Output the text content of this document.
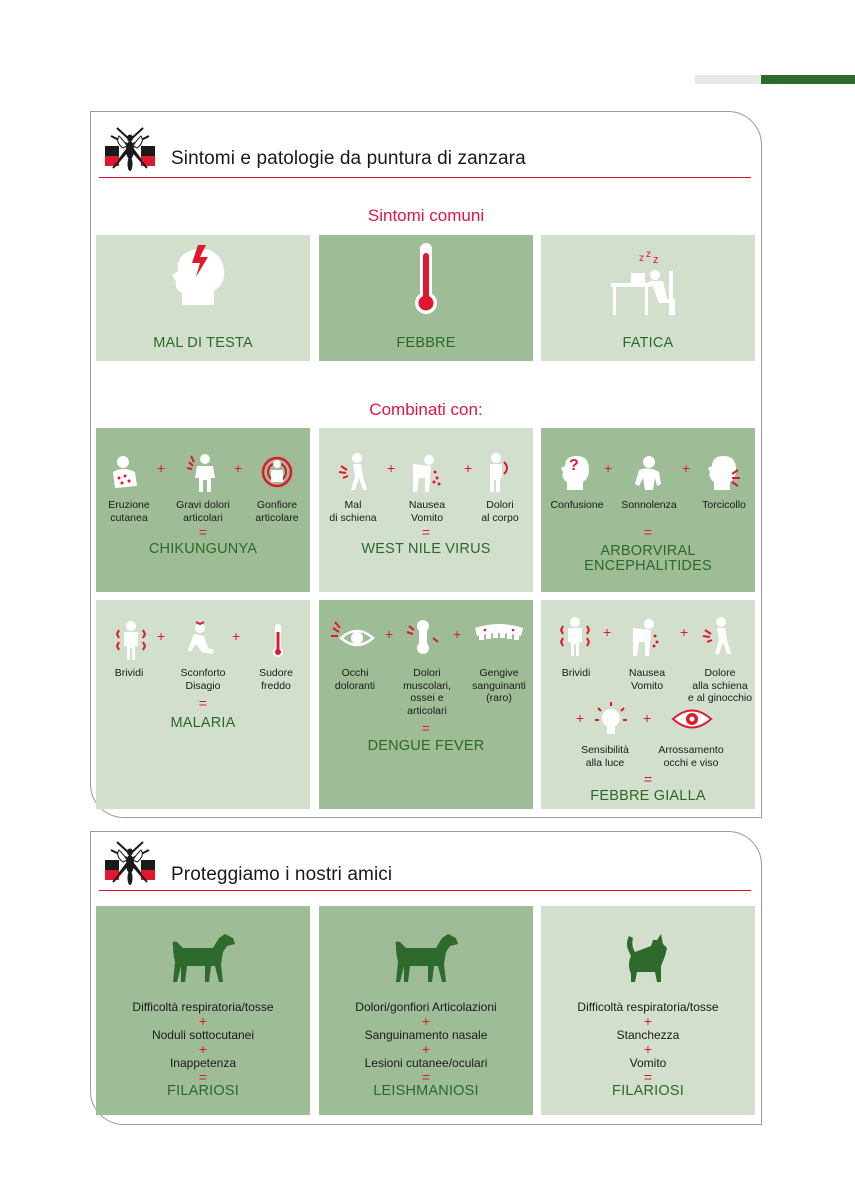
Sintomi e patologie da puntura di zanzara
Sintomi comuni
MAL DI TESTA	FEBBRE
z z z
FATICA
Combinati con:
+	+
Eruzione
cutanea
Gravi dolori
articolari
Gonfiore
articolare
=
CHIKUNGUNYA
+	+
Mal
di schiena
Nausea
Vomito
Dolori
al corpo
=
WEST NILE VIRUS
? +	+
Confusione	Sonnolenza	Torcicollo
=
ARBORVIRAL
ENCEPHALITIDES
+	+
Brividi	Sconforto
Disagio
Sudore
freddo
=
MALARIA
+	+
Occhi
doloranti
Dolori
muscolari,
ossei e
articolari
Gengive
sanguinanti
(raro)
=
DENGUE FEVER
+	+
Brividi	Nausea
Vomito
Dolore
alla schiena
e al ginocchio
+	+
Sensibilità
alla luce
Arrossamento
occhi e viso
=
FEBBRE GIALLA
Proteggiamo i nostri amici
Difficoltà respiratoria/tosse
+
Noduli sottocutanei
+
Inappetenza
=
FILARIOSI
Dolori/gonfiori Articolazioni
+
Sanguinamento nasale
+
Lesioni cutanee/oculari
=
LEISHMANIOSI
Difficoltà respiratoria/tosse
+
Stanchezza
+
Vomito
=
FILARIOSI
